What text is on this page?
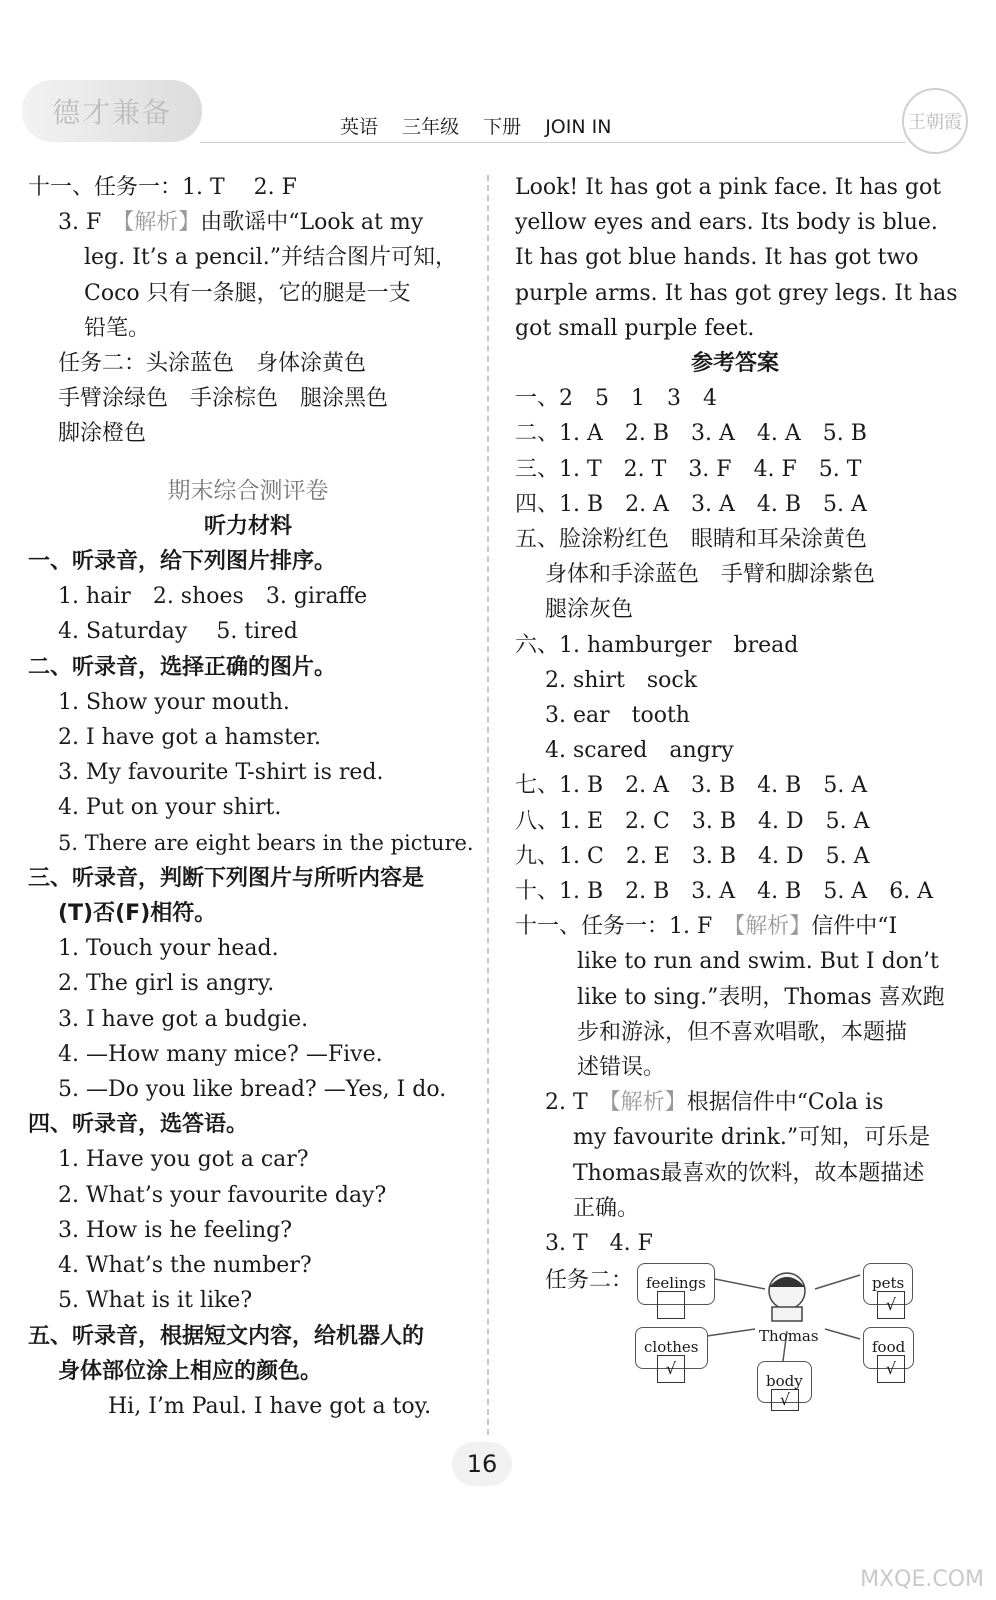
德才兼备	英语 三年级 下册 JOIN IN	王朝霞
十一、任务一：1. T　 2. F
3. F　【解析】由歌谣中“Look at my
leg. It’s a pencil.”并结合图片可知，
Coco 只有一条腿，它的腿是一支
铅笔。
任务二：头涂蓝色　身体涂黄色
手臂涂绿色　手涂棕色　腿涂黑色
脚涂橙色
期末综合测评卷
听力材料
一、听录音，给下列图片排序。
1. hair　2. shoes　3. giraffe
4. Saturday　 5. tired
二、听录音，选择正确的图片。
1. Show your mouth.
2. I have got a hamster.
3. My favourite T-shirt is red.
4. Put on your shirt.
5. There are eight bears in the picture.
三、听录音，判断下列图片与所听内容是
(T)否(F)相符。
1. Touch your head.
2. The girl is angry.
3. I have got a budgie.
4. —How many mice? —Five.
5. —Do you like bread? —Yes, I do.
四、听录音，选答语。
1. Have you got a car?
2. What’s your favourite day?
3. How is he feeling?
4. What’s the number?
5. What is it like?
五、听录音，根据短文内容，给机器人的
身体部位涂上相应的颜色。
Hi, I’m Paul. I have got a toy.
Look! It has got a pink face. It has got
yellow eyes and ears. Its body is blue.
It has got blue hands. It has got two
purple arms. It has got grey legs. It has
got small purple feet.
参考答案
一、2　5　1　3　4
二、1. A　2. B　3. A　4. A　5. B
三、1. T　2. T　3. F　4. F　5. T
四、1. B　2. A　3. A　4. B　5. A
五、脸涂粉红色　眼睛和耳朵涂黄色
身体和手涂蓝色　手臂和脚涂紫色
腿涂灰色
六、1. hamburger　bread
2. shirt　sock
3. ear　tooth
4. scared　angry
七、1. B　2. A　3. B　4. B　5. A
八、1. E　2. C　3. B　4. D　5. A
九、1. C　2. E　3. B　4. D　5. A
十、1. B　2. B　3. A　4. B　5. A　6. A
十一、任务一：1. F　【解析】信件中“I
like to run and swim. But I don’t
like to sing.”表明，Thomas 喜欢跑
步和游泳，但不喜欢唱歌，本题描
述错误。
2. T　【解析】根据信件中“Cola is
my favourite drink.”可知，可乐是
Thomas最喜欢的饮料，故本题描述
正确。
3. T　4. F
任务二： feelings	pets
√
clothes
√
food
√
Thomas
body
√
16
MXQE.COM
